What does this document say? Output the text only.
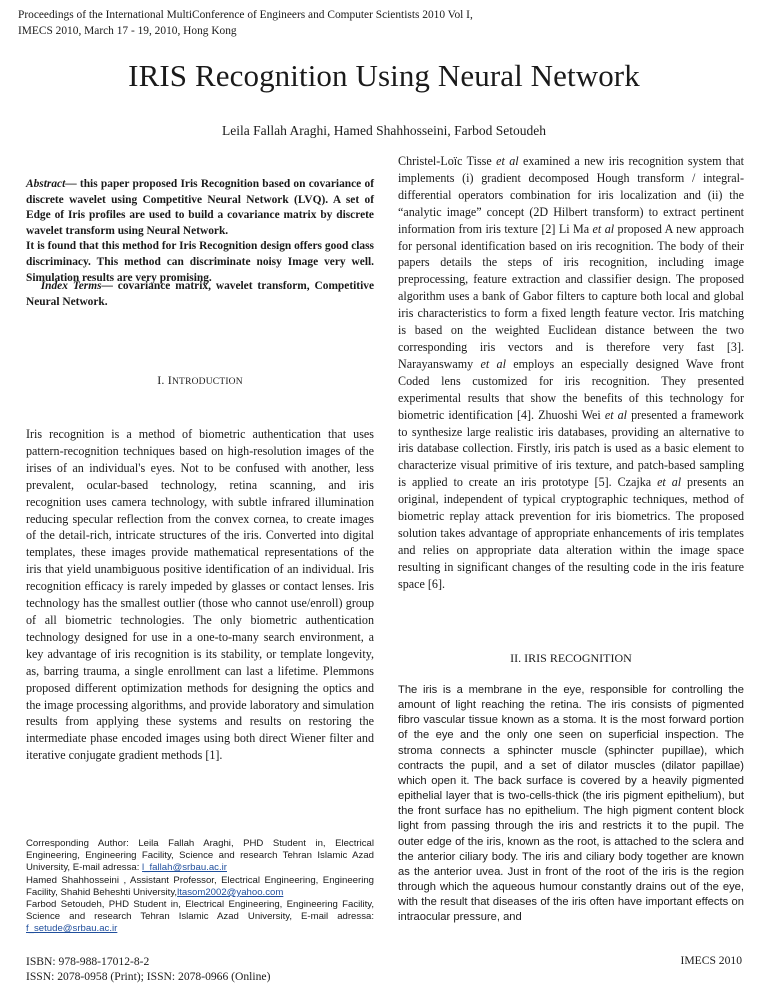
Proceedings of the International MultiConference of Engineers and Computer Scientists 2010 Vol I,
IMECS 2010, March 17 - 19, 2010, Hong Kong
IRIS Recognition Using Neural Network
Leila Fallah Araghi, Hamed Shahhosseini, Farbod Setoudeh

Abstract— this paper proposed Iris Recognition based on covariance of discrete wavelet using Competitive Neural Network (LVQ). A set of Edge of Iris profiles are used to build a covariance matrix by discrete wavelet transform using Neural Network.

It is found that this method for Iris Recognition design offers good class discriminacy. This method can discriminate noisy Image very well. Simulation results are very promising.

Index Terms— covariance matrix, wavelet transform, Competitive Neural Network.

I. INTRODUCTION

Iris recognition is a method of biometric authentication that uses pattern-recognition techniques based on high-resolution images of the irises of an individual's eyes. Not to be confused with another, less prevalent, ocular-based technology, retina scanning, and iris recognition uses camera technology, with subtle infrared illumination reducing specular reflection from the convex cornea, to create images of the detail-rich, intricate structures of the iris. Converted into digital templates, these images provide mathematical representations of the iris that yield unambiguous positive identification of an individual. Iris recognition efficacy is rarely impeded by glasses or contact lenses. Iris technology has the smallest outlier (those who cannot use/enroll) group of all biometric technologies. The only biometric authentication technology designed for use in a one-to-many search environment, a key advantage of iris recognition is its stability, or template longevity, as, barring trauma, a single enrollment can last a lifetime. Plemmons proposed different optimization methods for designing the optics and the image processing algorithms, and provide laboratory and simulation results from applying these systems and results on restoring the intermediate phase encoded images using both direct Wiener filter and iterative conjugate gradient methods [1].

Corresponding Author: Leila Fallah Araghi, PHD Student in, Electrical Engineering, Engineering Facility, Science and research Tehran Islamic Azad University, E-mail adressa: l_fallah@srbau.ac.ir
Hamed Shahhosseini , Assistant Professor, Electrical Engineering, Engineering Facility, Shahid Beheshti University,ltasom2002@yahoo.com
Farbod Setoudeh, PHD Student in, Electrical Engineering, Engineering Facility, Science and research Tehran Islamic Azad University, E-mail adressa: f_setude@srbau.ac.ir
ISBN: 978-988-17012-8-2
ISSN: 2078-0958 (Print); ISSN: 2078-0966 (Online)
IMECS 2010

Christel-Loïc Tisse et al examined a new iris recognition system that implements (i) gradient decomposed Hough transform / integral-differential operators combination for iris localization and (ii) the “analytic image” concept (2D Hilbert transform) to extract pertinent information from iris texture [2] Li Ma et al proposed A new approach for personal identification based on iris recognition. The body of their papers details the steps of iris recognition, including image preprocessing, feature extraction and classifier design. The proposed algorithm uses a bank of Gabor filters to capture both local and global iris characteristics to form a fixed length feature vector. Iris matching is based on the weighted Euclidean distance between the two corresponding iris vectors and is therefore very fast [3]. Narayanswamy et al employs an especially designed Wave front Coded lens customized for iris recognition. They presented experimental results that show the benefits of this technology for biometric identification [4]. Zhuoshi Wei et al presented a framework to synthesize large realistic iris databases, providing an alternative to iris database collection. Firstly, iris patch is used as a basic element to characterize visual primitive of iris texture, and patch-based sampling is applied to create an iris prototype [5]. Czajka et al presents an original, independent of typical cryptographic techniques, method of biometric replay attack prevention for iris biometrics. The proposed solution takes advantage of appropriate enhancements of iris templates and relies on appropriate data alteration within the image space resulting in significant changes of the resulting code in the iris feature space [6].

II. IRIS RECOGNITION

The iris is a membrane in the eye, responsible for controlling the amount of light reaching the retina. The iris consists of pigmented fibro vascular tissue known as a stoma. It is the most forward portion of the eye and the only one seen on superficial inspection. The stroma connects a sphincter muscle (sphincter pupillae), which contracts the pupil, and a set of dilator muscles (dilator papillae) which open it. The back surface is covered by a heavily pigmented epithelial layer that is two-cells-thick (the iris pigment epithelium), but the front surface has no epithelium. The high pigment content block light from passing through the iris and restricts it to the pupil. The outer edge of the iris, known as the root, is attached to the sclera and the anterior ciliary body. The iris and ciliary body together are known as the anterior uvea. Just in front of the root of the iris is the region through which the aqueous humour constantly drains out of the eye, with the result that diseases of the iris often have important effects on intraocular pressure, and
